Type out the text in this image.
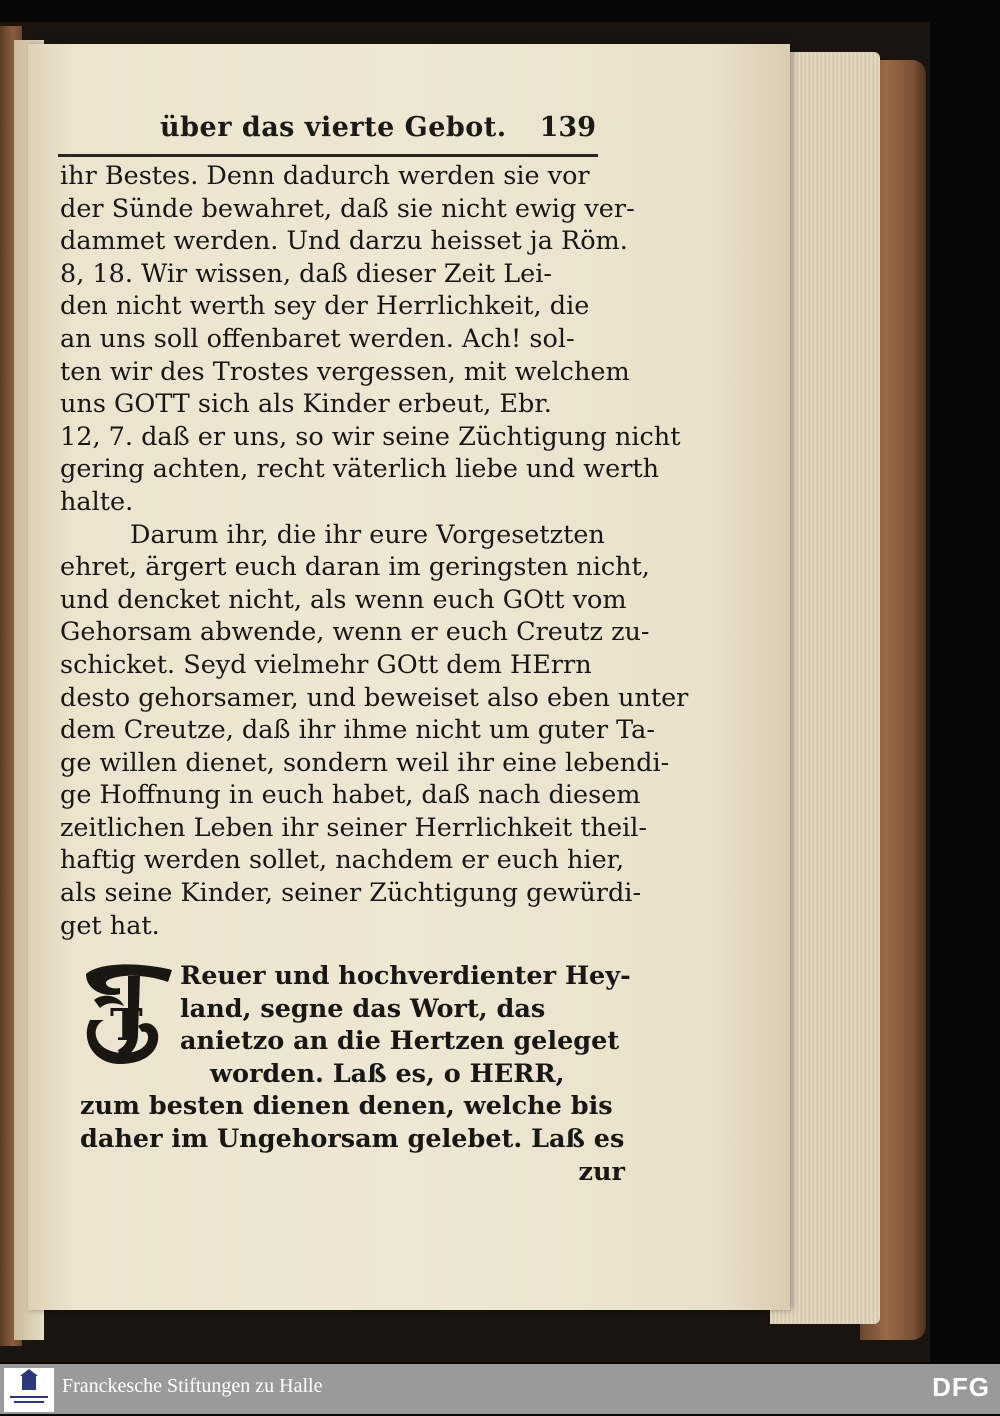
über das vierte Gebot. 139
ihr Bestes. Denn dadurch werden sie vor
der Sünde bewahret, daß sie nicht ewig ver-
dammet werden. Und darzu heisset ja Röm.
8, 18. Wir wissen, daß dieser Zeit Lei-
den nicht werth sey der Herrlichkeit, die
an uns soll offenbaret werden. Ach! sol-
ten wir des Trostes vergessen, mit welchem
uns GOTT sich als Kinder erbeut, Ebr.
12, 7. daß er uns, so wir seine Züchtigung nicht
gering achten, recht väterlich liebe und werth
halte.
Darum ihr, die ihr eure Vorgesetzten
ehret, ärgert euch daran im geringsten nicht,
und dencket nicht, als wenn euch GOtt vom
Gehorsam abwende, wenn er euch Creutz zu-
schicket. Seyd vielmehr GOtt dem HErrn
desto gehorsamer, und beweiset also eben unter
dem Creutze, daß ihr ihme nicht um guter Ta-
ge willen dienet, sondern weil ihr eine lebendi-
ge Hoffnung in euch habet, daß nach diesem
zeitlichen Leben ihr seiner Herrlichkeit theil-
haftig werden sollet, nachdem er euch hier,
als seine Kinder, seiner Züchtigung gewürdi-
get hat.
T
Reuer und hochverdienter Hey-
land, segne das Wort, das
anietzo an die Hertzen geleget
worden. Laß es, o HERR,
zum besten dienen denen, welche bis
daher im Ungehorsam gelebet. Laß es
zur
Franckesche Stiftungen zu Halle	DFG
